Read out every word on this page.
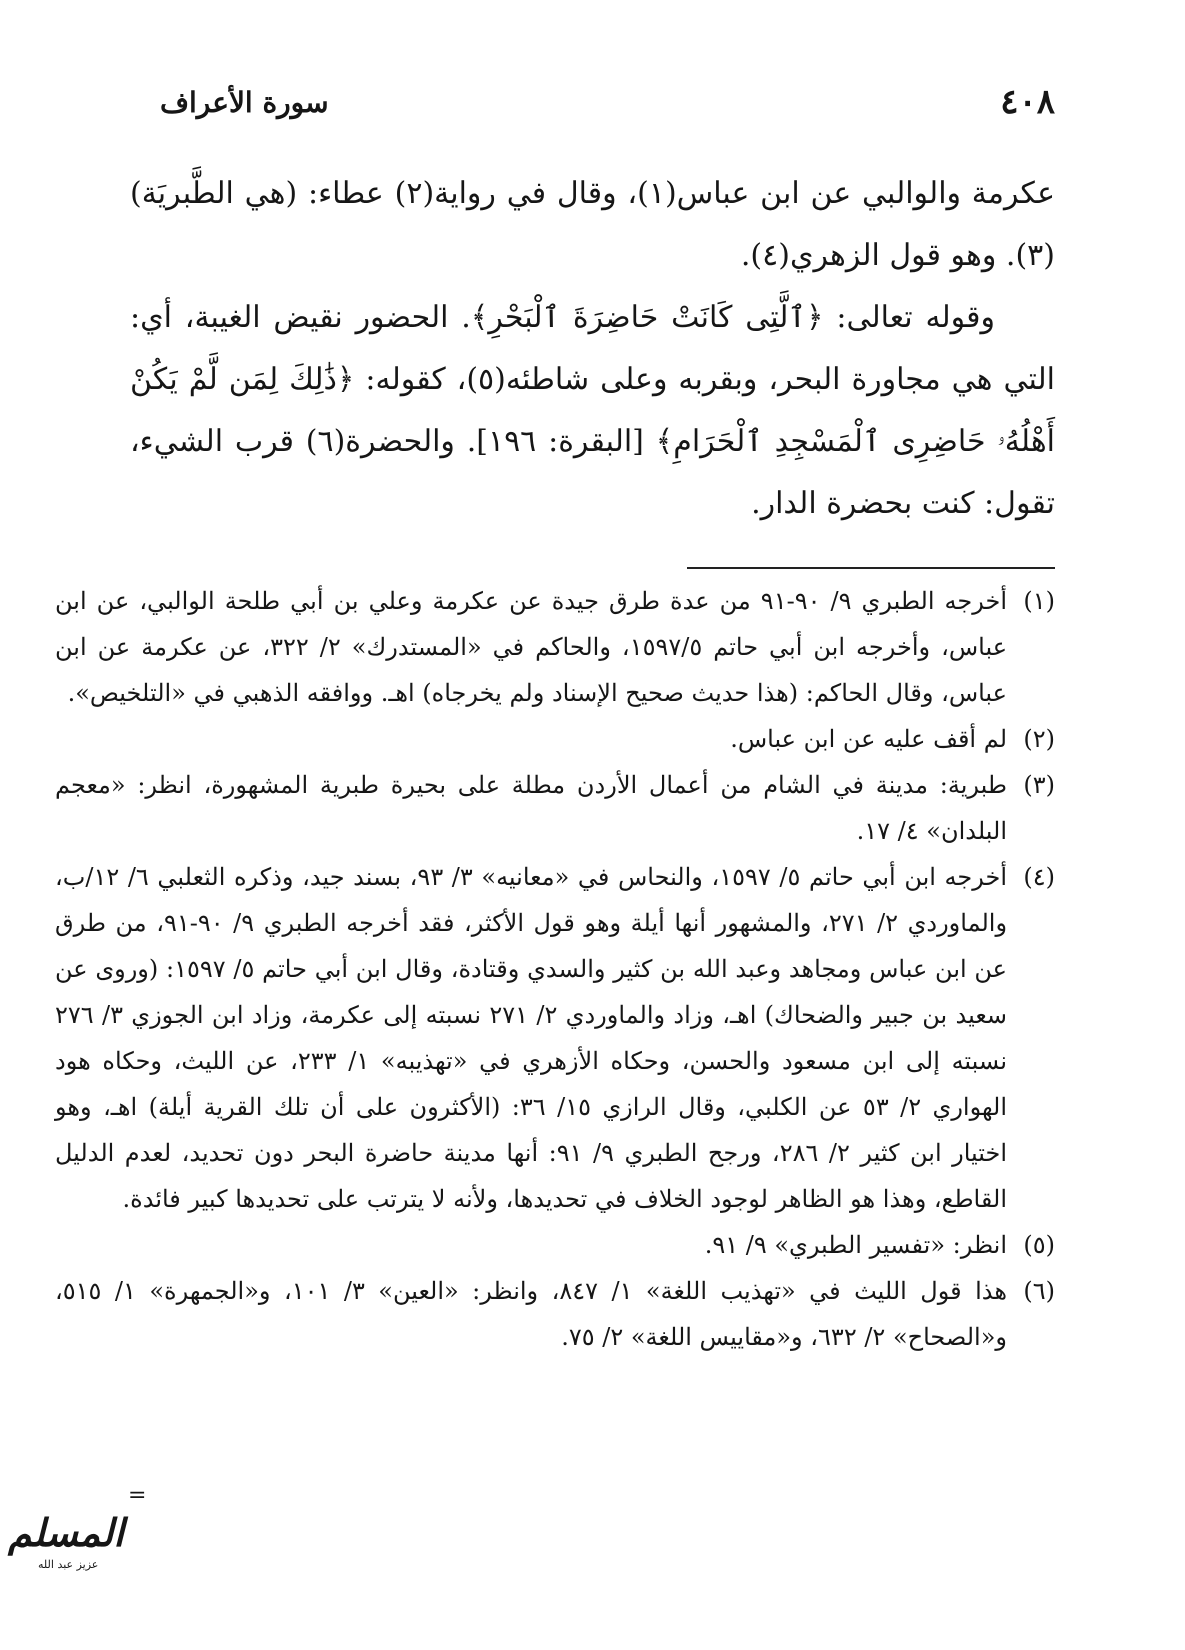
٤٠٨
سورة الأعراف

عكرمة والوالبي عن ابن عباس(١)، وقال في رواية(٢) عطاء: (هي الطَّبريَة)(٣). وهو قول الزهري(٤).

وقوله تعالى: ﴿ٱلَّتِى كَانَتْ حَاضِرَةَ ٱلْبَحْرِ﴾. الحضور نقيض الغيبة، أي: التي هي مجاورة البحر، وبقربه وعلى شاطئه(٥)، كقوله: ﴿ذَٰلِكَ لِمَن لَّمْ يَكُنْ أَهْلُهُۥ حَاضِرِى ٱلْمَسْجِدِ ٱلْحَرَامِ﴾ [البقرة: ١٩٦]. والحضرة(٦) قرب الشيء، تقول: كنت بحضرة الدار.

(١)
أخرجه الطبري ٩/ ٩٠-٩١ من عدة طرق جيدة عن عكرمة وعلي بن أبي طلحة الوالبي، عن ابن عباس، وأخرجه ابن أبي حاتم ١٥٩٧/٥، والحاكم في «المستدرك» ٢/ ٣٢٢، عن عكرمة عن ابن عباس، وقال الحاكم: (هذا حديث صحيح الإسناد ولم يخرجاه) اهـ. ووافقه الذهبي في «التلخيص».
(٢)
لم أقف عليه عن ابن عباس.
(٣)
طبرية: مدينة في الشام من أعمال الأردن مطلة على بحيرة طبرية المشهورة، انظر: «معجم البلدان» ٤/ ١٧.
(٤)
أخرجه ابن أبي حاتم ٥/ ١٥٩٧، والنحاس في «معانيه» ٣/ ٩٣، بسند جيد، وذكره الثعلبي ٦/ ١٢/ب، والماوردي ٢/ ٢٧١، والمشهور أنها أيلة وهو قول الأكثر، فقد أخرجه الطبري ٩/ ٩٠-٩١، من طرق عن ابن عباس ومجاهد وعبد الله بن كثير والسدي وقتادة، وقال ابن أبي حاتم ٥/ ١٥٩٧: (وروى عن سعيد بن جبير والضحاك) اهـ، وزاد والماوردي ٢/ ٢٧١ نسبته إلى عكرمة، وزاد ابن الجوزي ٣/ ٢٧٦ نسبته إلى ابن مسعود والحسن، وحكاه الأزهري في «تهذيبه» ١/ ٢٣٣، عن الليث، وحكاه هود الهواري ٢/ ٥٣ عن الكلبي، وقال الرازي ١٥/ ٣٦: (الأكثرون على أن تلك القرية أيلة) اهـ، وهو اختيار ابن كثير ٢/ ٢٨٦، ورجح الطبري ٩/ ٩١: أنها مدينة حاضرة البحر دون تحديد، لعدم الدليل القاطع، وهذا هو الظاهر لوجود الخلاف في تحديدها، ولأنه لا يترتب على تحديدها كبير فائدة.
(٥)
انظر: «تفسير الطبري» ٩/ ٩١.
(٦)
هذا قول الليث في «تهذيب اللغة» ١/ ٨٤٧، وانظر: «العين» ٣/ ١٠١، و«الجمهرة» ١/ ٥١٥، و«الصحاح» ٢/ ٦٣٢، و«مقاييس اللغة» ٢/ ٧٥.
=
المسلم
عزيز عبد الله
